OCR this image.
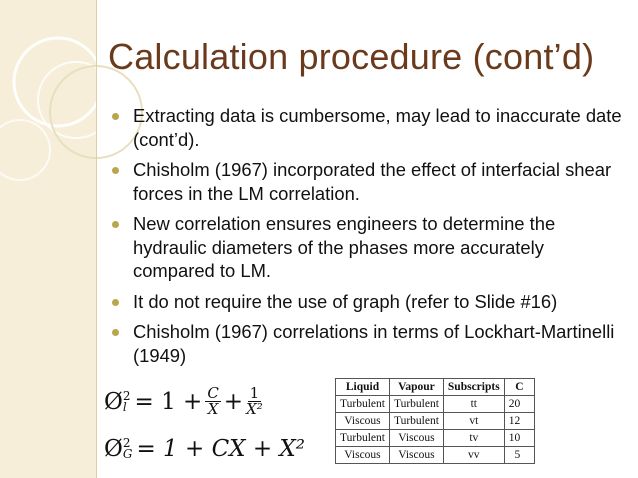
Calculation procedure (cont’d)
Extracting data is cumbersome, may lead to inaccurate date (cont’d).
Chisholm (1967) incorporated the effect of interfacial shear forces in the LM correlation.
New correlation ensures engineers to determine the hydraulic diameters of the phases more accurately compared to LM.
It do not require the use of graph (refer to Slide #16)
Chisholm (1967) correlations in terms of Lockhart-Martinelli (1949)
Ø 2
$l = 1 + \frac{C}{X} + \frac{1}{\text{X²}}$
Ø 2
G = 1 + CX + X²
Liquid	Vapour	Subscripts	C
Turbulent	Turbulent	tt	20
Viscous	Turbulent	vt	12
Turbulent	Viscous	tv	10
Viscous	Viscous	vv	5
